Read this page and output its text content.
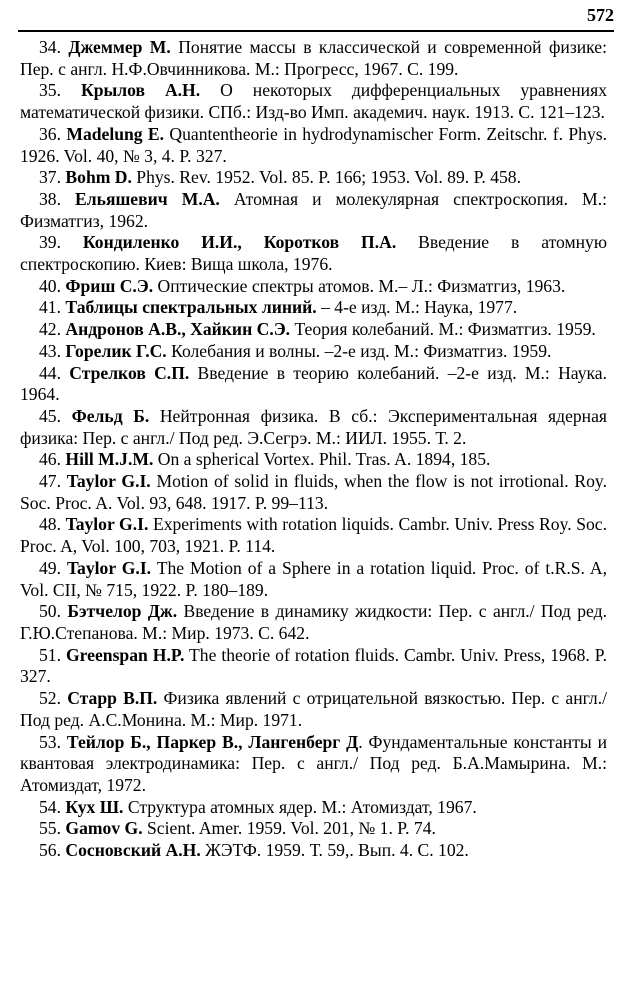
572

34. Джеммер М. Понятие массы в классической и современной физике: Пер. с англ. Н.Ф.Овчинникова. М.: Прогресс, 1967. С. 199.

35. Крылов А.Н. О некоторых дифференциальных уравнениях математической физики. СПб.: Изд-во Имп. академич. наук. 1913. С. 121–123.

36. Madelung E. Quantentheorie in hydrodynamischer Form. Zeitschr. f. Phys. 1926. Vol. 40, № 3, 4. P. 327.

37. Bohm D. Phys. Rev. 1952. Vol. 85. P. 166; 1953. Vol. 89. P. 458.

38. Ельяшевич М.А. Атомная и молекулярная спектроскопия. М.: Физматгиз, 1962.

39. Кондиленко И.И., Коротков П.А. Введение в атомную спектроскопию. Киев: Вища школа, 1976.

40. Фриш С.Э. Оптические спектры атомов. М.– Л.: Физматгиз, 1963.

41. Таблицы спектральных линий. – 4-е изд. М.: Наука, 1977.

42. Андронов А.В., Хайкин С.Э. Теория колебаний. М.: Физматгиз. 1959.

43. Горелик Г.С. Колебания и волны. –2-е изд. М.: Физматгиз. 1959.

44. Стрелков С.П. Введение в теорию колебаний. –2-е изд. М.: Наука. 1964.

45. Фельд Б. Нейтронная физика. В сб.: Экспериментальная ядерная физика: Пер. с англ./ Под ред. Э.Сегрэ. М.: ИИЛ. 1955. Т. 2.

46. Hill M.J.M. On a spherical Vortex. Phil. Tras. A. 1894, 185.

47. Taylor G.I. Motion of solid in fluids, when the flow is not irrotional. Roy. Soc. Proc. A. Vol. 93, 648. 1917. P. 99–113.

48. Taylor G.I. Experiments with rotation liquids. Cambr. Univ. Press Roy. Soc. Proc. A, Vol. 100, 703, 1921. P. 114.

49. Taylor G.I. The Motion of a Sphere in a rotation liquid. Proc. of t.R.S. A, Vol. CII, № 715, 1922. P. 180–189.

50. Бэтчелор Дж. Введение в динамику жидкости: Пер. с англ./ Под ред. Г.Ю.Степанова. М.: Мир. 1973. С. 642.

51. Greenspan H.P. The theorie of rotation fluids. Cambr. Univ. Press, 1968. P. 327.

52. Старр В.П. Физика явлений с отрицательной вязкостью. Пер. с англ./ Под ред. А.С.Монина. М.: Мир. 1971.

53. Тейлор Б., Паркер В., Лангенберг Д. Фундаментальные константы и квантовая электродинамика: Пер. с англ./ Под ред. Б.А.Мамырина. М.: Атомиздат, 1972.

54. Кух Ш. Структура атомных ядер. М.: Атомиздат, 1967.

55. Gamov G. Scient. Amer. 1959. Vol. 201, № 1. P. 74.

56. Сосновский А.Н. ЖЭТФ. 1959. Т. 59,. Вып. 4. С. 102.
